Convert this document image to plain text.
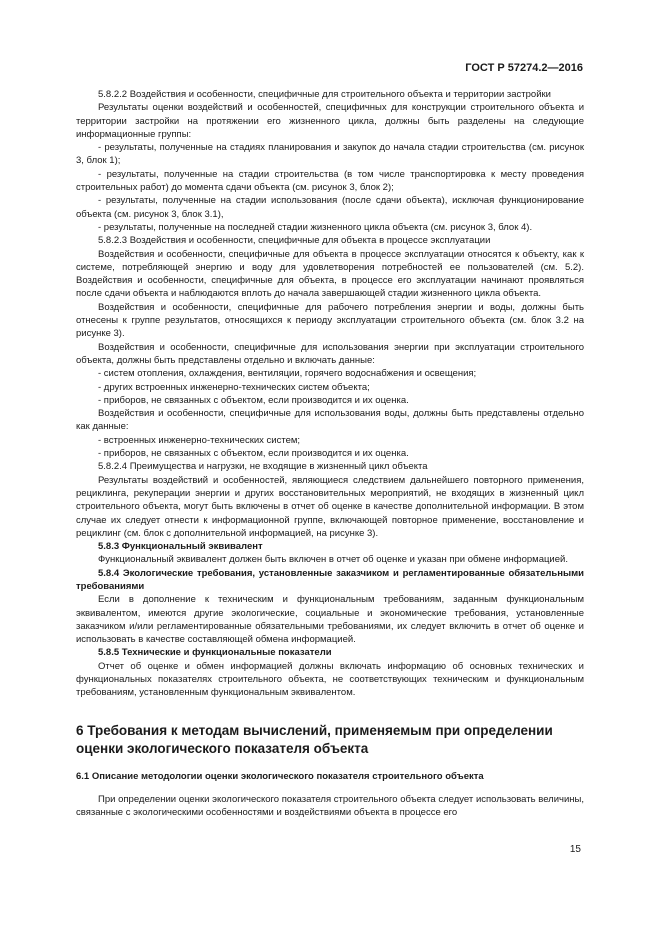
ГОСТ Р 57274.2—2016

5.8.2.2 Воздействия и особенности, специфичные для строительного объекта и территории застройки

Результаты оценки воздействий и особенностей, специфичных для конструкции строительного объекта и территории застройки на протяжении его жизненного цикла, должны быть разделены на следующие информационные группы:

- результаты, полученные на стадиях планирования и закупок до начала стадии строительства (см. рисунок 3, блок 1);

- результаты, полученные на стадии строительства (в том числе транспортировка к месту проведения строительных работ) до момента сдачи объекта (см. рисунок 3, блок 2);

- результаты, полученные на стадии использования (после сдачи объекта), исключая функционирование объекта (см. рисунок 3, блок 3.1),

- результаты, полученные на последней стадии жизненного цикла объекта (см. рисунок 3, блок 4).

5.8.2.3 Воздействия и особенности, специфичные для объекта в процессе эксплуатации

Воздействия и особенности, специфичные для объекта в процессе эксплуатации относятся к объекту, как к системе, потребляющей энергию и воду для удовлетворения потребностей ее пользователей (см. 5.2). Воздействия и особенности, специфичные для объекта, в процессе его эксплуатации начинают проявляться после сдачи объекта и наблюдаются вплоть до начала завершающей стадии жизненного цикла объекта.

Воздействия и особенности, специфичные для рабочего потребления энергии и воды, должны быть отнесены к группе результатов, относящихся к периоду эксплуатации строительного объекта (см. блок 3.2 на рисунке 3).

Воздействия и особенности, специфичные для использования энергии при эксплуатации строительного объекта, должны быть представлены отдельно и включать данные:

- систем отопления, охлаждения, вентиляции, горячего водоснабжения и освещения;

- других встроенных инженерно-технических систем объекта;

- приборов, не связанных с объектом, если производится и их оценка.

Воздействия и особенности, специфичные для использования воды, должны быть представлены отдельно как данные:

- встроенных инженерно-технических систем;

- приборов, не связанных с объектом, если производится и их оценка.

5.8.2.4 Преимущества и нагрузки, не входящие в жизненный цикл объекта

Результаты воздействий и особенностей, являющиеся следствием дальнейшего повторного применения, рециклинга, рекуперации энергии и других восстановительных мероприятий, не входящих в жизненный цикл строительного объекта, могут быть включены в отчет об оценке в качестве дополнительной информации. В этом случае их следует отнести к информационной группе, включающей повторное применение, восстановление и рециклинг (см. блок с дополнительной информацией, на рисунке 3).

5.8.3 Функциональный эквивалент

Функциональный эквивалент должен быть включен в отчет об оценке и указан при обмене информацией.

5.8.4 Экологические требования, установленные заказчиком и регламентированные обязательными требованиями

Если в дополнение к техническим и функциональным требованиям, заданным функциональным эквивалентом, имеются другие экологические, социальные и экономические требования, установленные заказчиком и/или регламентированные обязательными требованиями, их следует включить в отчет об оценке и использовать в качестве составляющей обмена информацией.

5.8.5 Технические и функциональные показатели

Отчет об оценке и обмен информацией должны включать информацию об основных технических и функциональных показателях строительного объекта, не соответствующих техническим и функциональным требованиям, установленным функциональным эквивалентом.

6 Требования к методам вычислений, применяемым при определении оценки экологического показателя объекта
6.1 Описание методологии оценки экологического показателя строительного объекта

При определении оценки экологического показателя строительного объекта следует использовать величины, связанные с экологическими особенностями и воздействиями объекта в процессе его

15
